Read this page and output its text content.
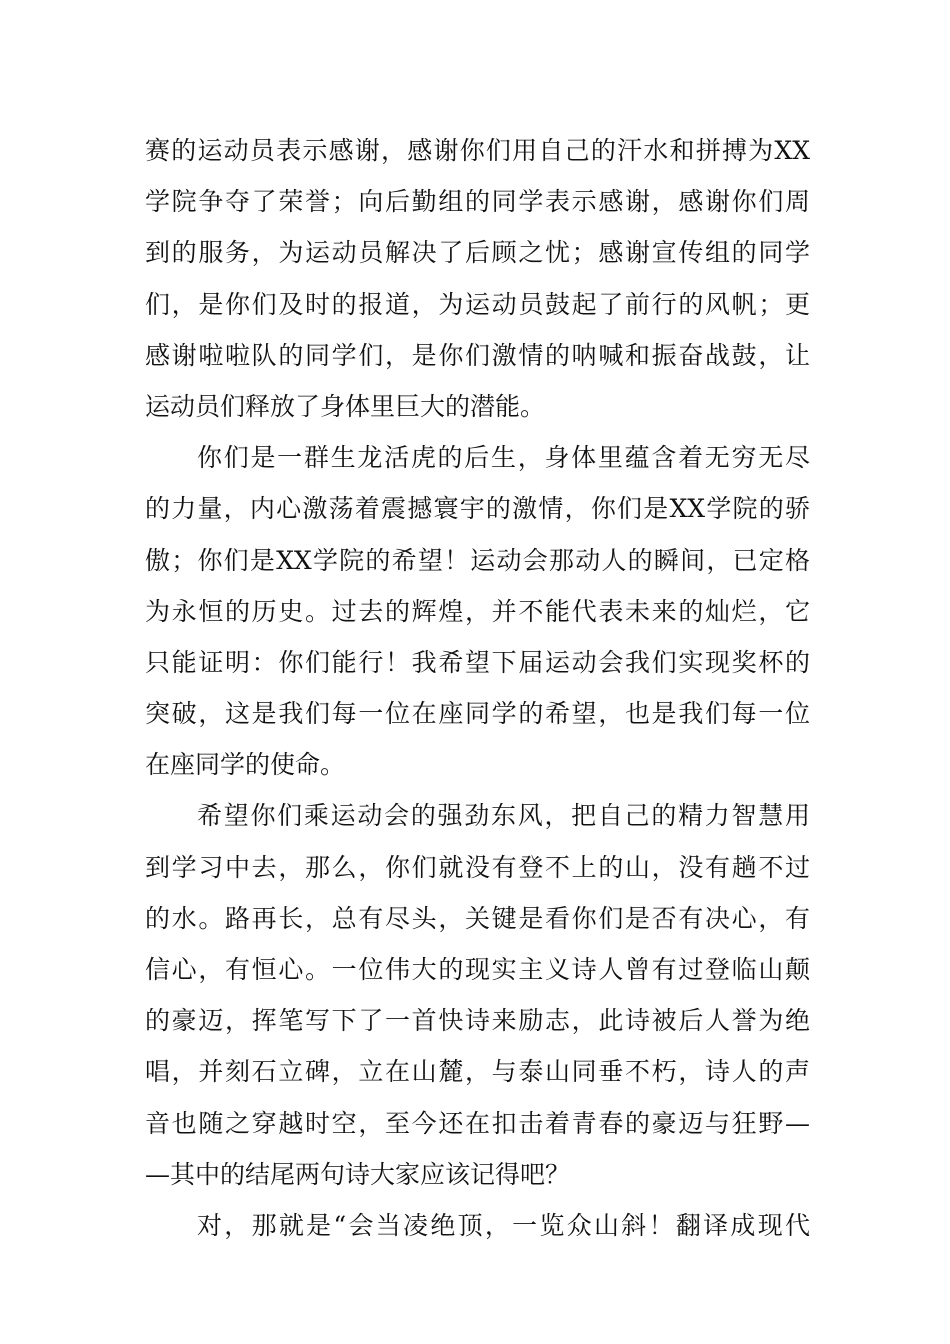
赛的运动员表示感谢，感谢你们用自己的汗水和拼搏为XX
学院争夺了荣誉；向后勤组的同学表示感谢，感谢你们周
到的服务，为运动员解决了后顾之忧；感谢宣传组的同学
们，是你们及时的报道，为运动员鼓起了前行的风帆；更
感谢啦啦队的同学们，是你们激情的呐喊和振奋战鼓，让
运动员们释放了身体里巨大的潜能。
你们是一群生龙活虎的后生，身体里蕴含着无穷无尽
的力量，内心激荡着震撼寰宇的激情，你们是XX学院的骄
傲；你们是XX学院的希望！运动会那动人的瞬间，已定格
为永恒的历史。过去的辉煌，并不能代表未来的灿烂，它
只能证明：你们能行！我希望下届运动会我们实现奖杯的
突破，这是我们每一位在座同学的希望，也是我们每一位
在座同学的使命。
希望你们乘运动会的强劲东风，把自己的精力智慧用
到学习中去，那么，你们就没有登不上的山，没有趟不过
的水。路再长，总有尽头，关键是看你们是否有决心，有
信心，有恒心。一位伟大的现实主义诗人曾有过登临山颠
的豪迈，挥笔写下了一首快诗来励志，此诗被后人誉为绝
唱，并刻石立碑，立在山麓，与泰山同垂不朽，诗人的声
音也随之穿越时空，至今还在扣击着青春的豪迈与狂野—
—其中的结尾两句诗大家应该记得吧？
对，那就是“会当凌绝顶，一览众山斜！翻译成现代
